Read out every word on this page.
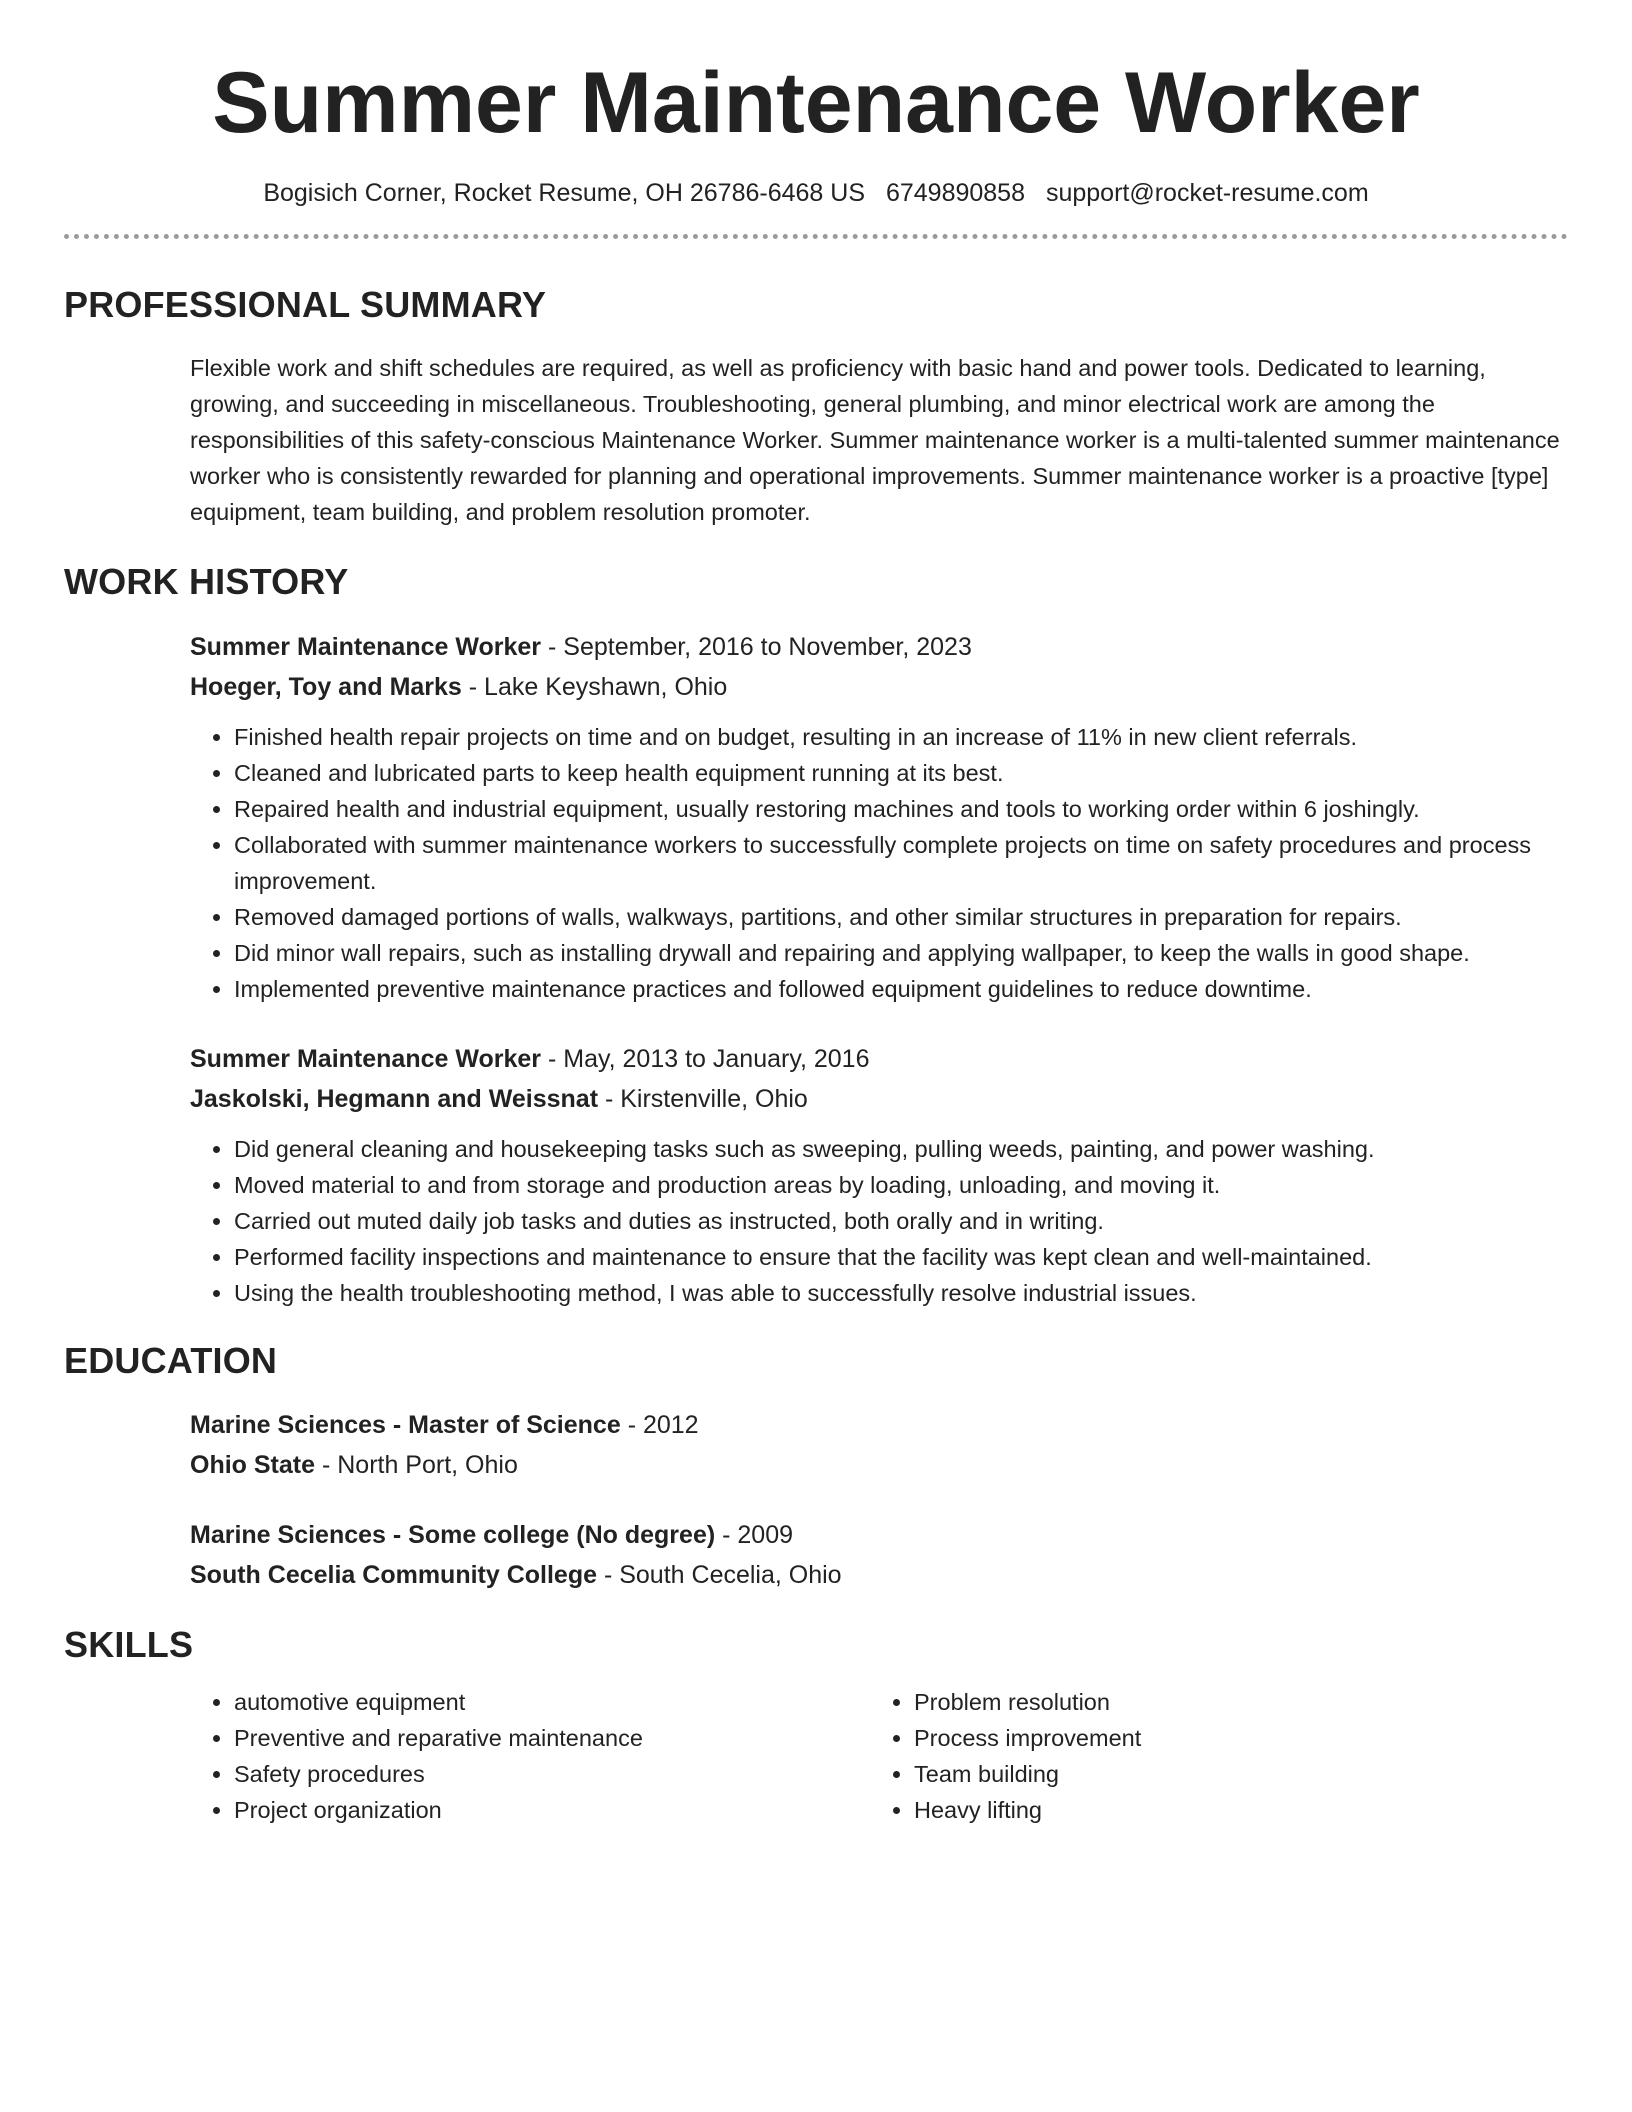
Summer Maintenance Worker
Bogisich Corner, Rocket Resume, OH 26786-6468 US 6749890858 support@rocket-resume.com
PROFESSIONAL SUMMARY

Flexible work and shift schedules are required, as well as proficiency with basic hand and power tools. Dedicated to learning, growing, and succeeding in miscellaneous. Troubleshooting, general plumbing, and minor electrical work are among the responsibilities of this safety-conscious Maintenance Worker. Summer maintenance worker is a multi-talented summer maintenance worker who is consistently rewarded for planning and operational improvements. Summer maintenance worker is a proactive [type] equipment, team building, and problem resolution promoter.

WORK HISTORY
Summer Maintenance Worker - September, 2016 to November, 2023
Hoeger, Toy and Marks - Lake Keyshawn, Ohio
• Finished health repair projects on time and on budget, resulting in an increase of 11% in new client referrals.
• Cleaned and lubricated parts to keep health equipment running at its best.
• Repaired health and industrial equipment, usually restoring machines and tools to working order within 6 joshingly.
• Collaborated with summer maintenance workers to successfully complete projects on time on safety procedures and process improvement.
• Removed damaged portions of walls, walkways, partitions, and other similar structures in preparation for repairs.
• Did minor wall repairs, such as installing drywall and repairing and applying wallpaper, to keep the walls in good shape.
• Implemented preventive maintenance practices and followed equipment guidelines to reduce downtime.
Summer Maintenance Worker - May, 2013 to January, 2016
Jaskolski, Hegmann and Weissnat - Kirstenville, Ohio
• Did general cleaning and housekeeping tasks such as sweeping, pulling weeds, painting, and power washing.
• Moved material to and from storage and production areas by loading, unloading, and moving it.
• Carried out muted daily job tasks and duties as instructed, both orally and in writing.
• Performed facility inspections and maintenance to ensure that the facility was kept clean and well-maintained.
• Using the health troubleshooting method, I was able to successfully resolve industrial issues.
EDUCATION
Marine Sciences - Master of Science - 2012
Ohio State - North Port, Ohio
Marine Sciences - Some college (No degree) - 2009
South Cecelia Community College - South Cecelia, Ohio
SKILLS
• automotive equipment
• Preventive and reparative maintenance
• Safety procedures
• Project organization
• Problem resolution
• Process improvement
• Team building
• Heavy lifting
